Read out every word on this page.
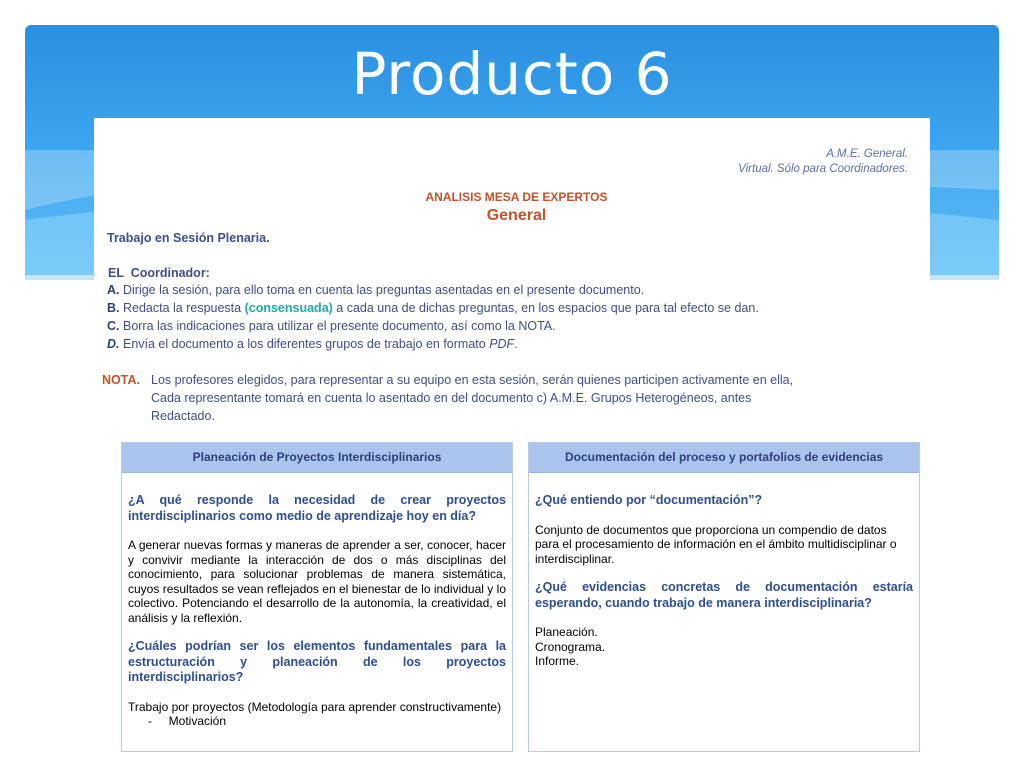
Producto 6
A.M.E. General.
Virtual. Sólo para Coordinadores.
ANALISIS MESA DE EXPERTOS
General
Trabajo en Sesión Plenaria.
EL  Coordinador:
A. Dirige la sesión, para ello toma en cuenta las preguntas asentadas en el presente documento.
B. Redacta la respuesta (consensuada) a cada una de dichas preguntas, en los espacios que para tal efecto se dan.
C. Borra las indicaciones para utilizar el presente documento, así como la NOTA.
D. Envía el documento a los diferentes grupos de trabajo en formato PDF.
NOTA. Los profesores elegidos, para representar a su equipo en esta sesión, serán quienes participen activamente en ella,
Cada representante tomará en cuenta lo asentado en del documento c) A.M.E. Grupos Heterogéneos, antes
Redactado.
Planeación de Proyectos Interdisciplinarios
¿A qué responde la necesidad de crear proyectos interdisciplinarios como medio de aprendizaje hoy en día?
A generar nuevas formas y maneras de aprender a ser, conocer, hacer y convivir mediante la interacción de dos o más disciplinas del conocimiento, para solucionar problemas de manera sistemática, cuyos resultados se vean reflejados en el bienestar de lo individual y lo colectivo. Potenciando el desarrollo de la autonomía, la creatividad, el análisis y la reflexión.
¿Cuáles podrían ser los elementos fundamentales para la estructuración y planeación de los proyectos interdisciplinarios?
Trabajo por proyectos (Metodología para aprender constructivamente)
-     Motivación
Documentación del proceso y portafolios de evidencias
¿Qué entiendo por “documentación”?
Conjunto de documentos que proporciona un compendio de datos para el procesamiento de información en el ámbito multidisciplinar o interdisciplinar.
¿Qué evidencias concretas de documentación estaría esperando, cuando trabajo de manera interdisciplinaria?
Planeación.
Cronograma.
Informe.
